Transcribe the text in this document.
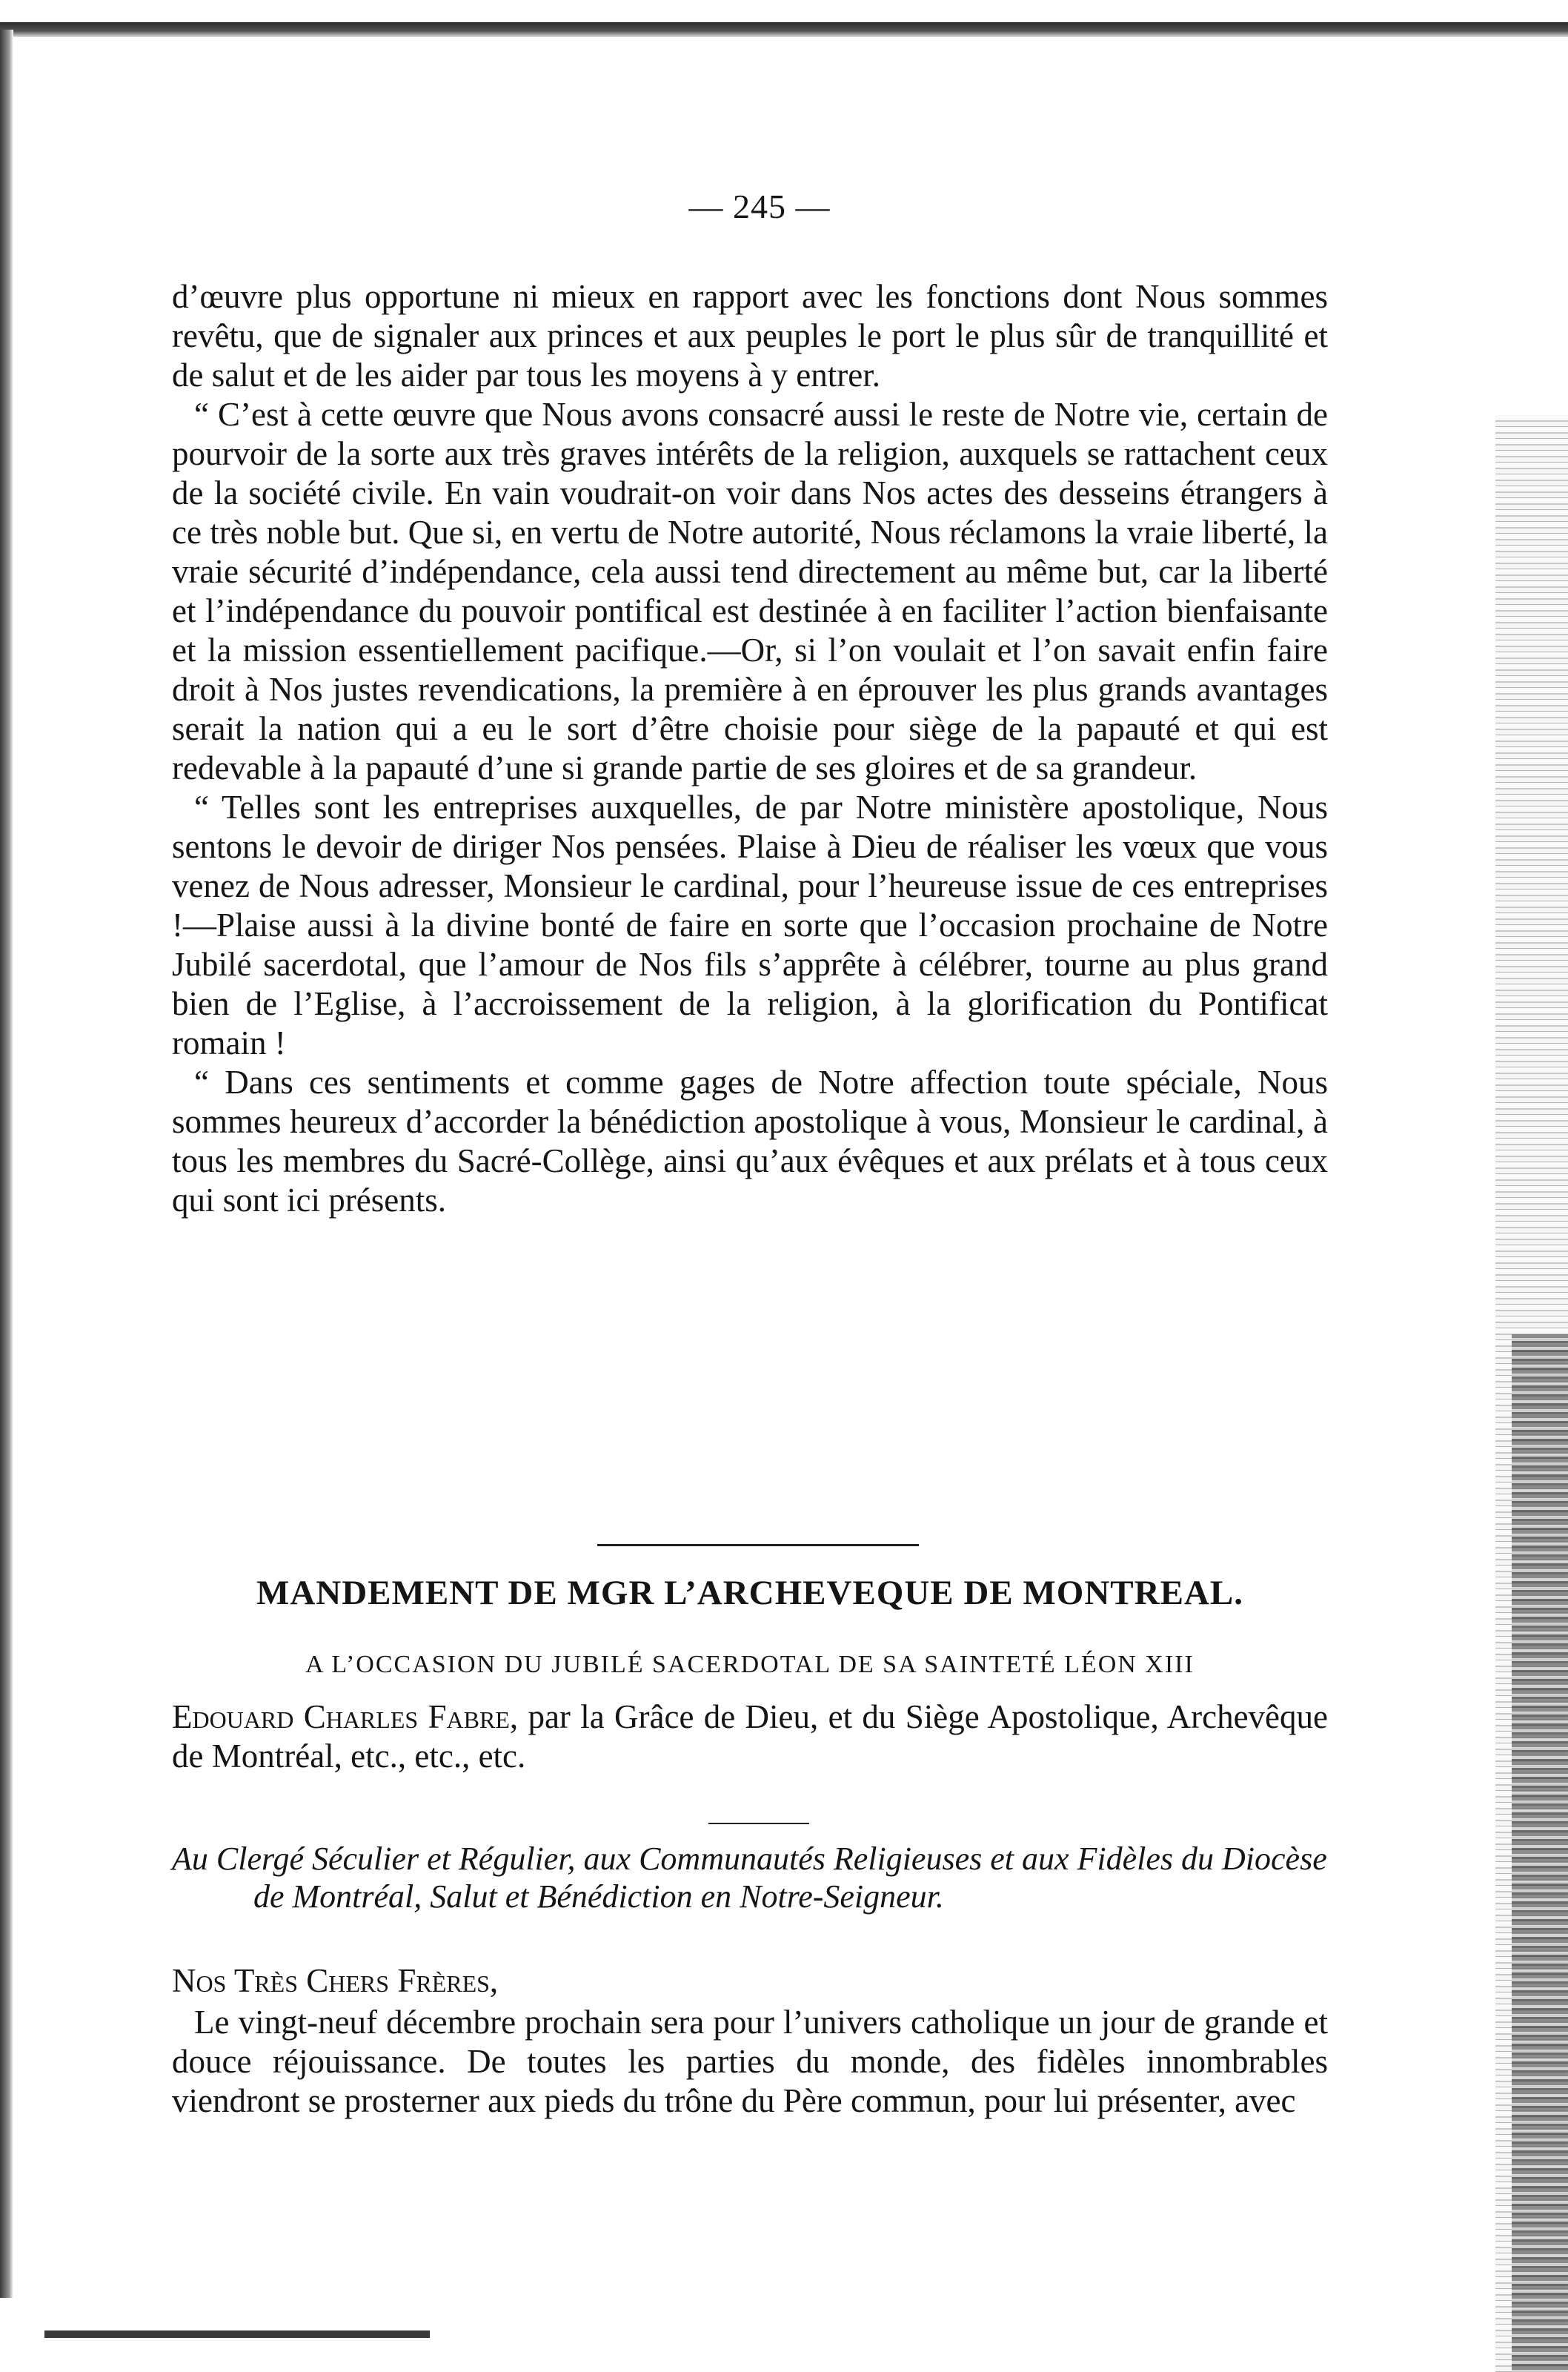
— 245 —

d’œuvre plus opportune ni mieux en rapport avec les fonctions dont Nous sommes revêtu, que de signaler aux princes et aux peuples le port le plus sûr de tranquillité et de salut et de les aider par tous les moyens à y entrer.

“ C’est à cette œuvre que Nous avons consacré aussi le reste de Notre vie, certain de pourvoir de la sorte aux très graves intérêts de la religion, auxquels se rattachent ceux de la société civile. En vain voudrait-on voir dans Nos actes des desseins étrangers à ce très noble but. Que si, en vertu de Notre autorité, Nous réclamons la vraie liberté, la vraie sécurité d’indépendance, cela aussi tend directement au même but, car la liberté et l’indépendance du pouvoir pontifical est destinée à en faciliter l’action bienfaisante et la mission essentiellement pacifique.—Or, si l’on voulait et l’on savait enfin faire droit à Nos justes revendications, la première à en éprouver les plus grands avantages serait la nation qui a eu le sort d’être choisie pour siège de la papauté et qui est redevable à la papauté d’une si grande partie de ses gloires et de sa grandeur.

“ Telles sont les entreprises auxquelles, de par Notre ministère apostolique, Nous sentons le devoir de diriger Nos pensées. Plaise à Dieu de réaliser les vœux que vous venez de Nous adresser, Monsieur le cardinal, pour l’heureuse issue de ces entreprises !—Plaise aussi à la divine bonté de faire en sorte que l’occasion prochaine de Notre Jubilé sacerdotal, que l’amour de Nos fils s’apprête à célébrer, tourne au plus grand bien de l’Eglise, à l’accroissement de la religion, à la glorification du Pontificat romain !

“ Dans ces sentiments et comme gages de Notre affection toute spéciale, Nous sommes heureux d’accorder la bénédiction apostolique à vous, Monsieur le cardinal, à tous les membres du Sacré-Collège, ainsi qu’aux évêques et aux prélats et à tous ceux qui sont ici présents.

MANDEMENT DE MGR L’ARCHEVEQUE DE MONTREAL.
A L’OCCASION DU JUBILÉ SACERDOTAL DE SA SAINTETÉ LÉON XIII
Edouard Charles Fabre, par la Grâce de Dieu, et du Siège Apostolique, Archevêque de Montréal, etc., etc., etc.
Au Clergé Séculier et Régulier, aux Communautés Religieuses et aux Fidèles du Diocèse de Montréal, Salut et Bénédiction en Notre-Seigneur.
Nos Très Chers Frères,

Le vingt-neuf décembre prochain sera pour l’univers catholique un jour de grande et douce réjouissance. De toutes les parties du monde, des fidèles innombrables viendront se prosterner aux pieds du trône du Père commun, pour lui présenter, avec
